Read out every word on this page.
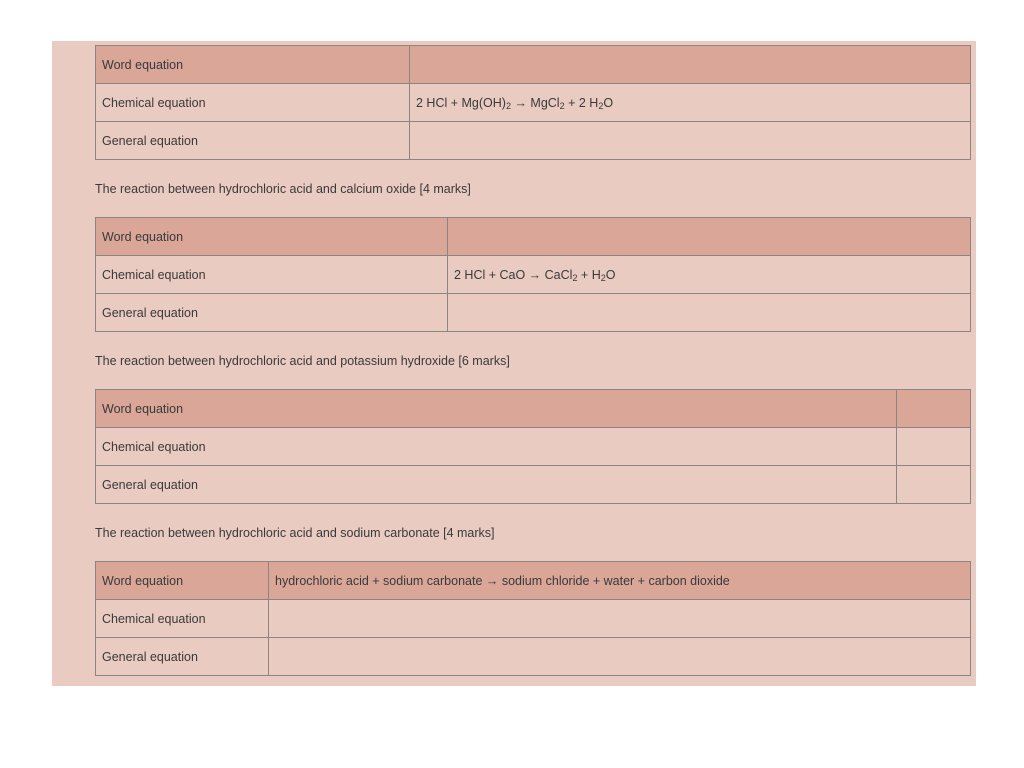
Word equation	
Chemical equation	2 HCl + $Mg(OH)_2$ → MgCl$_2$ + 2 $H_2O$
General equation	
The reaction between hydrochloric acid and calcium oxide [4 marks]
Word equation	
Chemical equation	2 HCl + CaO → CaCl$_2$ + $H_2O$
General equation	
The reaction between hydrochloric acid and potassium hydroxide [6 marks]
Word equation	
Chemical equation	
General equation	
The reaction between hydrochloric acid and sodium carbonate [4 marks]
Word equation	hydrochloric acid + sodium carbonate → sodium chloride + water + carbon dioxide
Chemical equation	
General equation	
